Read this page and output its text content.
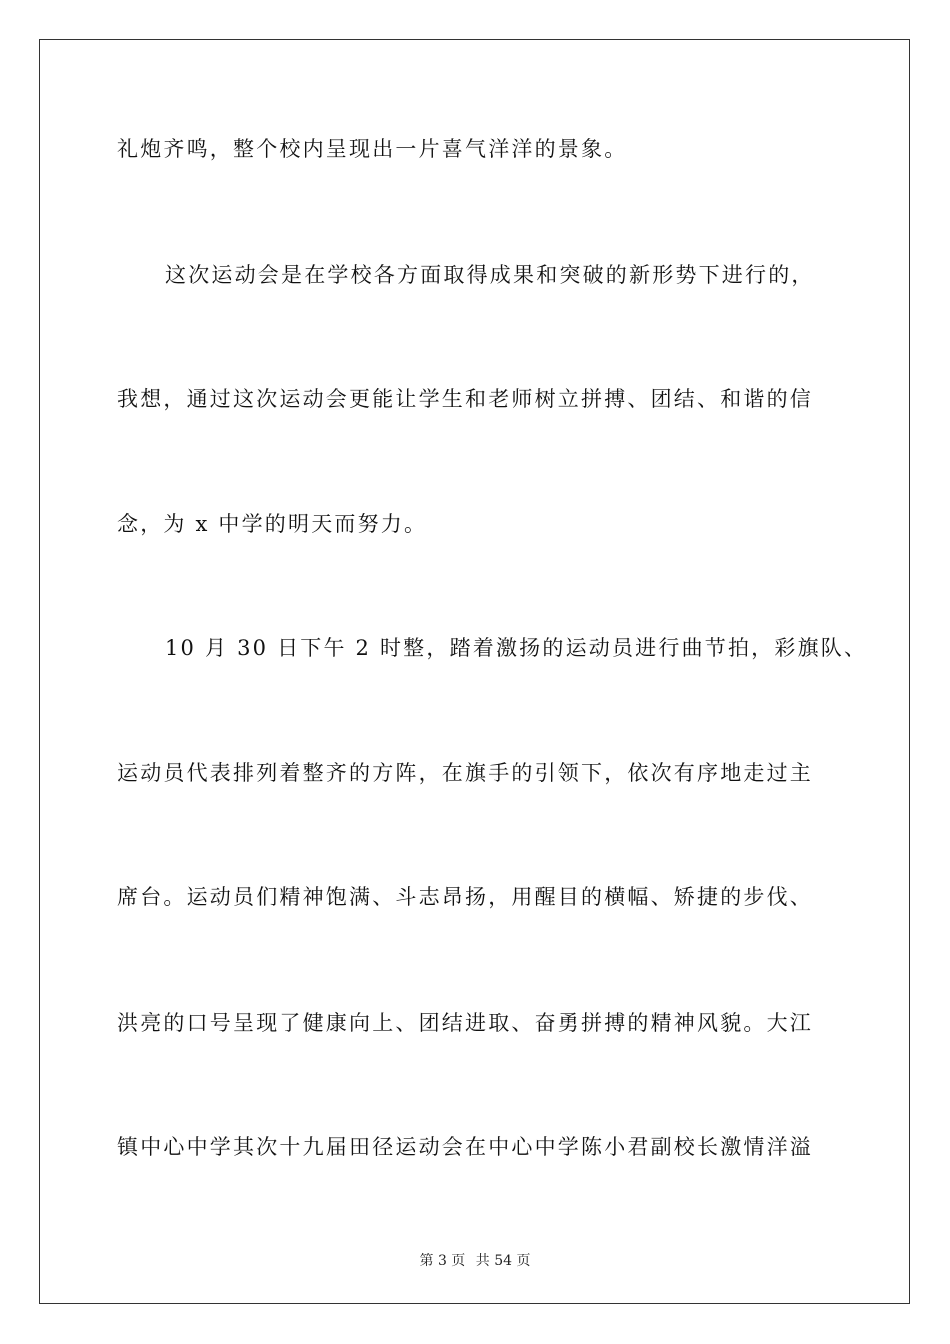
礼炮齐鸣，整个校内呈现出一片喜气洋洋的景象。
这次运动会是在学校各方面取得成果和突破的新形势下进行的，
我想，通过这次运动会更能让学生和老师树立拼搏、团结、和谐的信
念，为 x 中学的明天而努力。
10 月 30 日下午 2 时整，踏着激扬的运动员进行曲节拍，彩旗队、
运动员代表排列着整齐的方阵，在旗手的引领下，依次有序地走过主
席台。运动员们精神饱满、斗志昂扬，用醒目的横幅、矫捷的步伐、
洪亮的口号呈现了健康向上、团结进取、奋勇拼搏的精神风貌。大江
镇中心中学其次十九届田径运动会在中心中学陈小君副校长激情洋溢
第 3 页 共 54 页
